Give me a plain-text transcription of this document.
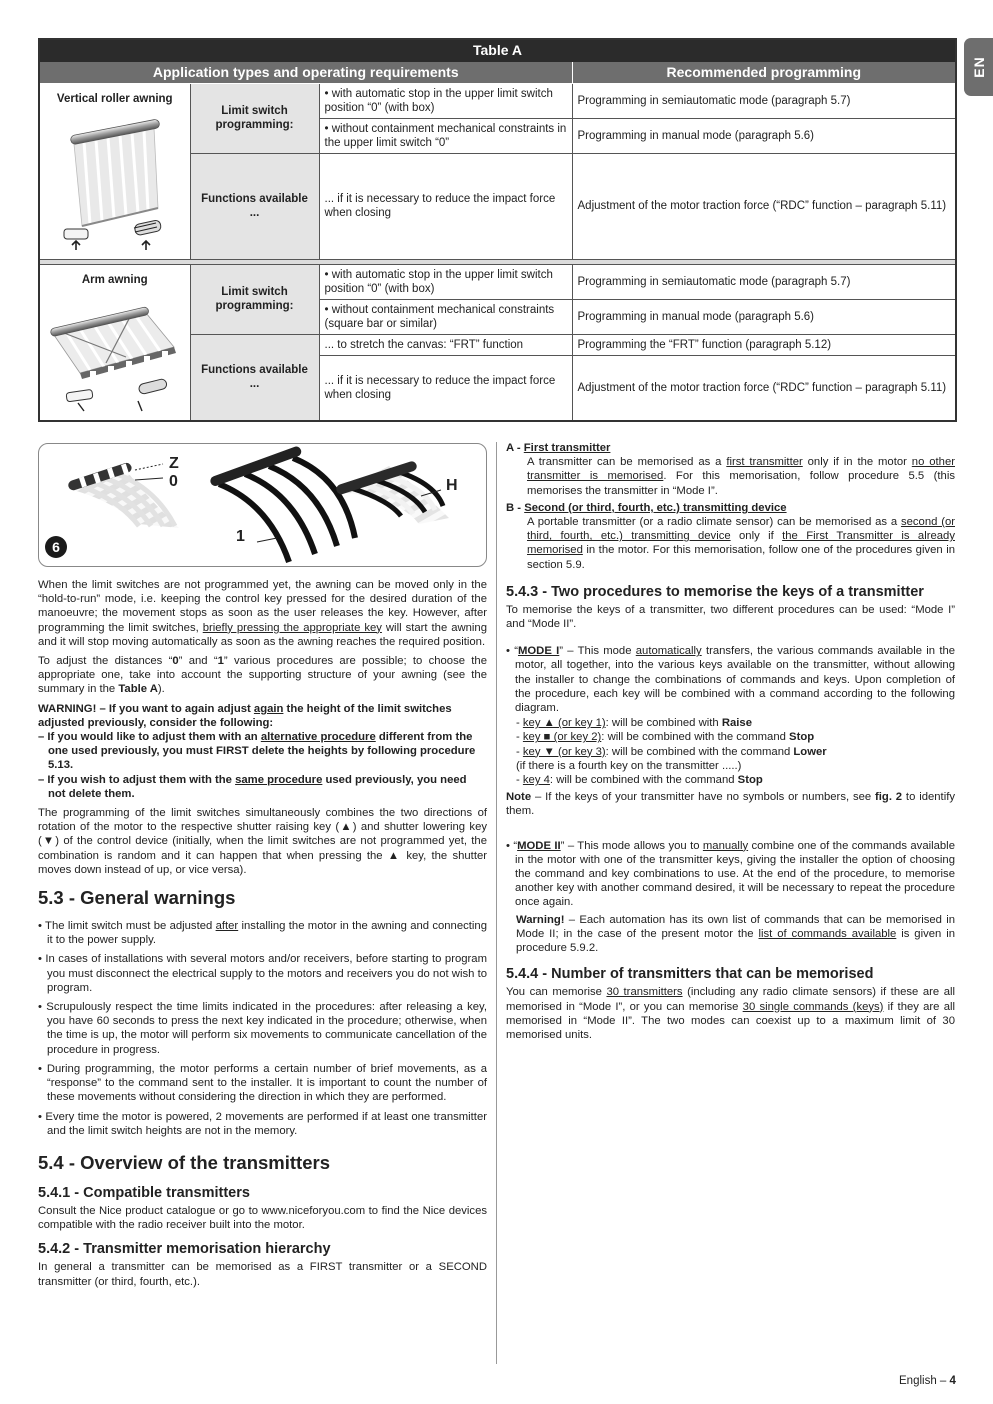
EN
Table A			
Application types and operating requirements			Recommended programming

Vertical roller awning	Limit switch programming:	• with automatic stop in the upper limit switch position “0” (with box)	Programming in semiautomatic mode (paragraph 5.7)
		• without containment mechanical constraints in the upper limit switch “0”	Programming in manual mode (paragraph 5.6)
	Functions available ...	... if it is necessary to reduce the impact force when closing	Adjustment of the motor traction force (“RDC” function – paragraph 5.11)

Arm awning	Limit switch programming:	• with automatic stop in the upper limit switch position “0” (with box)	Programming in semiautomatic mode (paragraph 5.7)
		• without containment mechanical constraints (square bar or similar)	Programming in manual mode (paragraph 5.6)
	Functions available ...	... to stretch the canvas: “FRT” function	Programming the “FRT” function (paragraph 5.12)
		... if it is necessary to reduce the impact force when closing	Adjustment of the motor traction force (“RDC” function – paragraph 5.11)
Z
0
1
H
6

When the limit switches are not programmed yet, the awning can be moved only in the “hold-to-run” mode, i.e. keeping the control key pressed for the desired duration of the manoeuvre; the movement stops as soon as the user releases the key. However, after programming the limit switches, briefly pressing the appropriate key will start the awning and it will stop moving automatically as soon as the awning reaches the required position.

To adjust the distances “0” and “1” various procedures are possible; to choose the appropriate one, take into account the supporting structure of your awning (see the summary in the Table A).

WARNING! – If you want to again adjust again the height of the limit switches adjusted previously, consider the following:
– If you would like to adjust them with an alternative procedure different from the one used previously, you must FIRST delete the heights by following procedure 5.13.
– If you wish to adjust them with the same procedure used previously, you need not delete them.

The programming of the limit switches simultaneously combines the two directions of rotation of the motor to the respective shutter raising key (▲) and shutter lowering key (▼) of the control device (initially, when the limit switches are not programmed yet, the combination is random and it can happen that when pressing the ▲ key, the shutter moves down instead of up, or vice versa).

5.3 - General warnings
• The limit switch must be adjusted after installing the motor in the awning and connecting it to the power supply.
• In cases of installations with several motors and/or receivers, before starting to program you must disconnect the electrical supply to the motors and receivers you do not wish to program.
• Scrupulously respect the time limits indicated in the procedures: after releasing a key, you have 60 seconds to press the next key indicated in the procedure; otherwise, when the time is up, the motor will perform six movements to communicate cancellation of the procedure in progress.
• During programming, the motor performs a certain number of brief movements, as a “response” to the command sent to the installer. It is important to count the number of these movements without considering the direction in which they are performed.
• Every time the motor is powered, 2 movements are performed if at least one transmitter and the limit switch heights are not in the memory.
5.4 - Overview of the transmitters
5.4.1 - Compatible transmitters

Consult the Nice product catalogue or go to www.niceforyou.com to find the Nice devices compatible with the radio receiver built into the motor.

5.4.2 - Transmitter memorisation hierarchy

In general a transmitter can be memorised as a FIRST transmitter or a SECOND transmitter (or third, fourth, etc.).

A - First transmitter
A transmitter can be memorised as a first transmitter only if in the motor no other transmitter is memorised. For this memorisation, follow procedure 5.5 (this memorises the transmitter in “Mode I”.
B - Second (or third, fourth, etc.) transmitting device
A portable transmitter (or a radio climate sensor) can be memorised as a second (or third, fourth, etc.) transmitting device only if the First Transmitter is already memorised in the motor. For this memorisation, follow one of the procedures given in section 5.9.
5.4.3 - Two procedures to memorise the keys of a transmitter

To memorise the keys of a transmitter, two different procedures can be used: “Mode I” and “Mode II”.

• “MODE I” – This mode automatically transfers, the various commands available in the motor, all together, into the various keys available on the transmitter, without allowing the installer to change the combinations of commands and keys. Upon completion of the procedure, each key will be combined with a command according to the following diagram.
- key ▲ (or key 1): will be combined with Raise
- key ■ (or key 2): will be combined with the command Stop
- key ▼ (or key 3): will be combined with the command Lower
(if there is a fourth key on the transmitter .....)
- key 4: will be combined with the command Stop

Note – If the keys of your transmitter have no symbols or numbers, see fig. 2 to identify them.

• “MODE II” – This mode allows you to manually combine one of the commands available in the motor with one of the transmitter keys, giving the installer the option of choosing the command and key combinations to use. At the end of the procedure, to memorise another key with another command desired, it will be necessary to repeat the procedure once again.
Warning! – Each automation has its own list of commands that can be memorised in Mode II; in the case of the present motor the list of commands available is given in procedure 5.9.2.
5.4.4 - Number of transmitters that can be memorised

You can memorise 30 transmitters (including any radio climate sensors) if these are all memorised in “Mode I”, or you can memorise 30 single commands (keys) if they are all memorised in “Mode II”. The two modes can coexist up to a maximum limit of 30 memorised units.

English – 4
